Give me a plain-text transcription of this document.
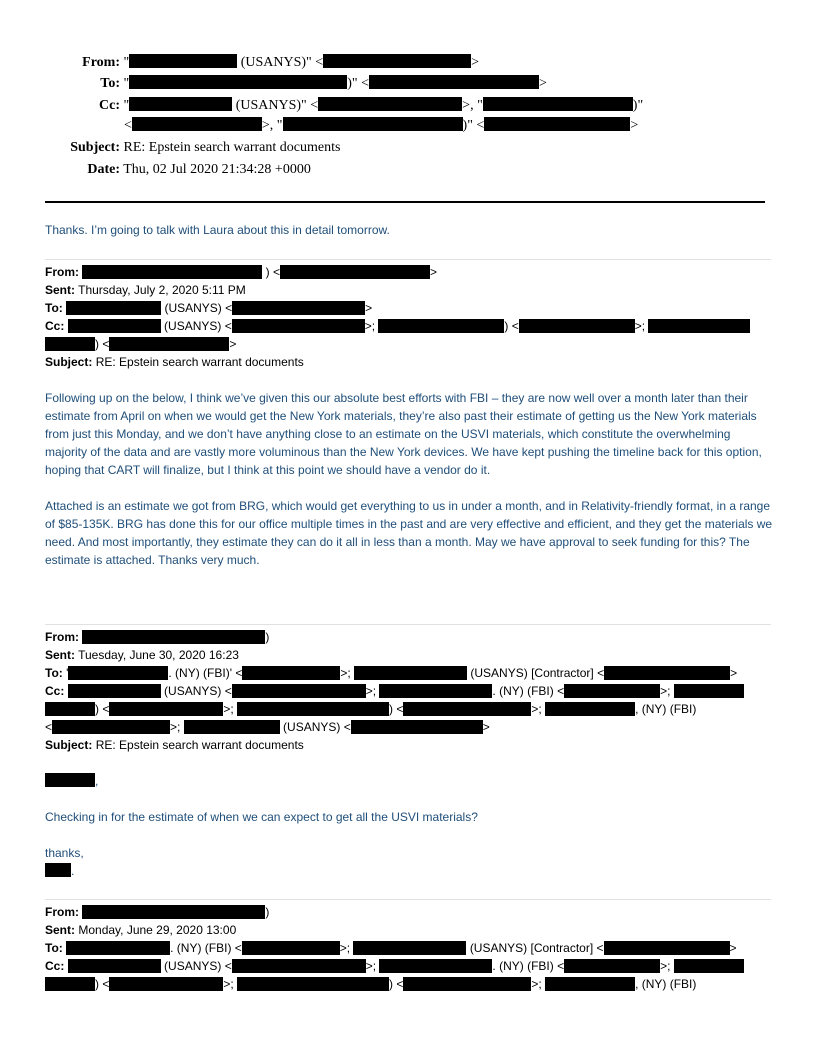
From: "	(USANYS)" <	>
To: "	)" <	>
Cc: "	(USANYS)" <	>, "	)"
<	>, "	)" <	>
Subject: RE: Epstein search warrant documents
Date: Thu, 02 Jul 2020 21:34:28 +0000

Thanks. I’m going to talk with Laura about this in detail tomorrow.

From:	) <	>
Sent: Thursday, July 2, 2020 5:11 PM
To:	(USANYS) <	>
Cc:	(USANYS) <	>;	) <	>;
) <	>
Subject: RE: Epstein search warrant documents

Following up on the below, I think we’ve given this our absolute best efforts with FBI – they are now well over a month later than their estimate from April on when we would get the New York materials, they’re also past their estimate of getting us the New York materials from just this Monday, and we don’t have anything close to an estimate on the USVI materials, which constitute the overwhelming majority of the data and are vastly more voluminous than the New York devices. We have kept pushing the timeline back for this option, hoping that CART will finalize, but I think at this point we should have a vendor do it.

Attached is an estimate we got from BRG, which would get everything to us in under a month, and in Relativity-friendly format, in a range of $85-135K. BRG has done this for our office multiple times in the past and are very effective and efficient, and they get the materials we need. And most importantly, they estimate they can do it all in less than a month. May we have approval to seek funding for this? The estimate is attached. Thanks very much.

From:	)
Sent: Tuesday, June 30, 2020 16:23
To: '	. (NY) (FBI)' <	>;	(USANYS) [Contractor] <	>
Cc:	(USANYS) <	>;	. (NY) (FBI) <	>;
) <	>;	) <	>;	, (NY) (FBI)
<	>;	(USANYS) <	>
Subject: RE: Epstein search warrant documents
,

Checking in for the estimate of when we can expect to get all the USVI materials?

thanks,

.
From:	)
Sent: Monday, June 29, 2020 13:00
To:	. (NY) (FBI) <	>;	(USANYS) [Contractor] <	>
Cc:	(USANYS) <	>;	. (NY) (FBI) <	>;
) <	>;	) <	>;	, (NY) (FBI)
